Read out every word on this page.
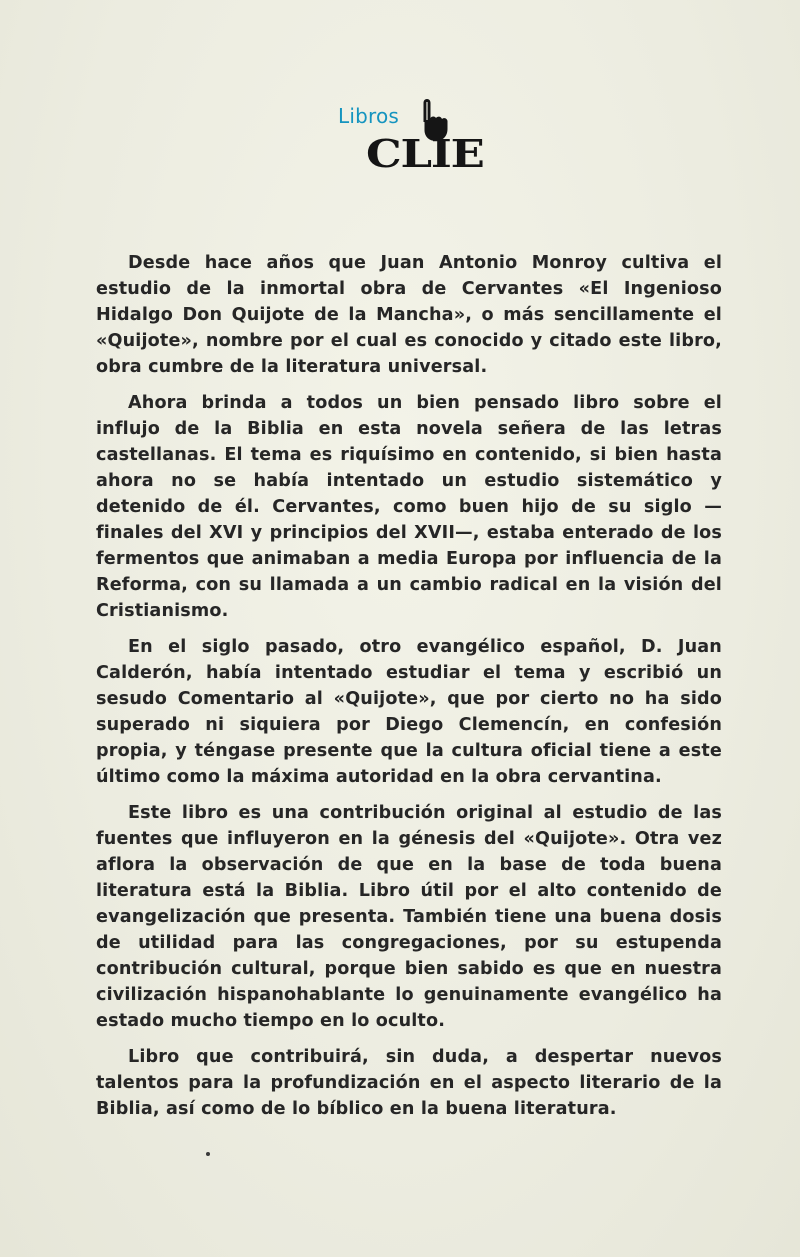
Libros
CLIE

Desde hace años que Juan Antonio Monroy cultiva el estudio de la inmortal obra de Cervantes «El Ingenioso Hidalgo Don Quijote de la Mancha», o más sencillamente el «Quijote», nombre por el cual es conocido y citado este libro, obra cumbre de la literatura universal.

Ahora brinda a todos un bien pensado libro sobre el influjo de la Biblia en esta novela señera de las letras castellanas. El tema es riquísimo en contenido, si bien hasta ahora no se había intentado un estudio sistemático y detenido de él. Cervantes, como buen hijo de su siglo —finales del XVI y principios del XVII—, estaba enterado de los fermentos que animaban a media Europa por influencia de la Reforma, con su llamada a un cambio radical en la visión del Cristianismo.

En el siglo pasado, otro evangélico español, D. Juan Calderón, había intentado estudiar el tema y escribió un sesudo Comentario al «Quijote», que por cierto no ha sido superado ni siquiera por Diego Clemencín, en confesión propia, y téngase presente que la cultura oficial tiene a este último como la máxima autoridad en la obra cervantina.

Este libro es una contribución original al estudio de las fuentes que influyeron en la génesis del «Quijote». Otra vez aflora la observación de que en la base de toda buena literatura está la Biblia. Libro útil por el alto contenido de evangelización que presenta. También tiene una buena dosis de utilidad para las congregaciones, por su estupenda contribución cultural, porque bien sabido es que en nuestra civilización hispanohablante lo genuinamente evangélico ha estado mucho tiempo en lo oculto.

Libro que contribuirá, sin duda, a despertar nuevos talentos para la profundización en el aspecto literario de la Biblia, así como de lo bíblico en la buena literatura.
